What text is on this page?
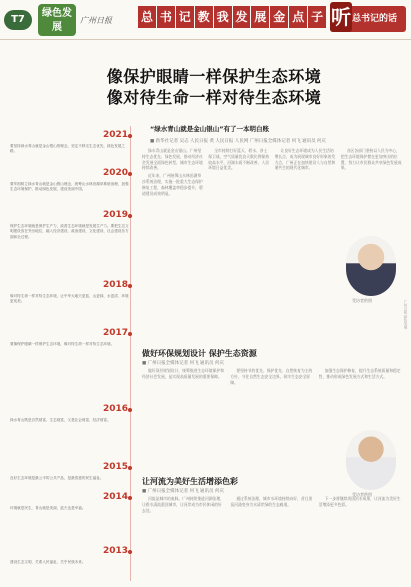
T7
绿色发展
广州日报 总 书 记 教 我 发 展 金 点 子	总书记的话
听
像保护眼睛一样保护生态环境
像对待生命一样对待生态环境
2021
要坚持绿水青山就是金山银山的理念，坚定不移走生态优先、绿色发展之路。
2020
要牢固树立绿水青山就是金山银山理念，统筹山水林田湖草系统治理，加强生态环境保护，推动绿色发展，建设美丽中国。
2019
保护生态环境就是保护生产力，改善生态环境就是发展生产力。要把生态文明建设放在突出地位，融入经济建设、政治建设、文化建设、社会建设各方面和全过程。
2018
像对待生命一样对待生态环境，让中华大地天更蓝、山更绿、水更清、环境更优美。
2017
要像保护眼睛一样保护生态环境，像对待生命一样对待生态环境。
2016
绿水青山既是自然财富、生态财富，又是社会财富、经济财富。
2015
良好生态环境是最公平的公共产品，是最普惠的民生福祉。
2014
环境就是民生，青山就是美丽，蓝天也是幸福。
2013
建设生态文明，关系人民福祉，关乎民族未来。
“绿水青山就是金山银山”有了一本明白账
■ 新华社记者 吴志 人民日报 黄 人民日报 人民网 广州日报全媒体记者 何飞 通讯员 何庆

绿水青山就是金山银山。广州坚持生态优先、绿色发展，推动经济社会发展全面绿色转型，城市生态环境持续改善。

近年来，广州统筹山水林田湖草沙系统治理，实施一批重大生态保护修复工程，森林覆盖率稳步提升，碧道建设成效明显。

全市持续打好蓝天、碧水、净土保卫战，空气质量优良天数比例保持较高水平，河湖水质不断改善，人居环境日益优美。

让良好生态环境成为人民生活的增长点、成为展现城市良好形象的发力点，广州正在加快建设人与自然和谐共生的现代化城市。

各区各部门坚持以人民为中心，把生态环境保护摆在更加突出的位置，努力让市民群众共享绿色发展成果。

受访者供图
做好环保规划设计 保护生态资源
■ 广州日报全媒体记者 何飞 通讯员 何庆

做好顶层规划设计，统筹推进生态环境保护和经济社会发展，是实现高质量发展的重要保障。

要坚持节约优先、保护优先、自然恢复为主的方针，守住自然生态安全边界，筑牢生态安全屏障。

加强生态保护修复，提升生态系统质量和稳定性，推动形成绿色发展方式和生活方式。

受访者供图
让河流为美好生活增添色彩
■ 广州日报全媒体记者 何飞 通讯员 何庆

河流是城市的血脉。广州持续推进河湖治理，让碧水清流重回城市，让河岸成为市民休闲的好去处。

通过系统治理，城市水环境持续向好，昔日黑臭河涌变身为水清岸绿的生态廊道。

下一步将继续巩固治水成果，让河流为美好生活增添更多色彩。

广州日报 绿色发展
